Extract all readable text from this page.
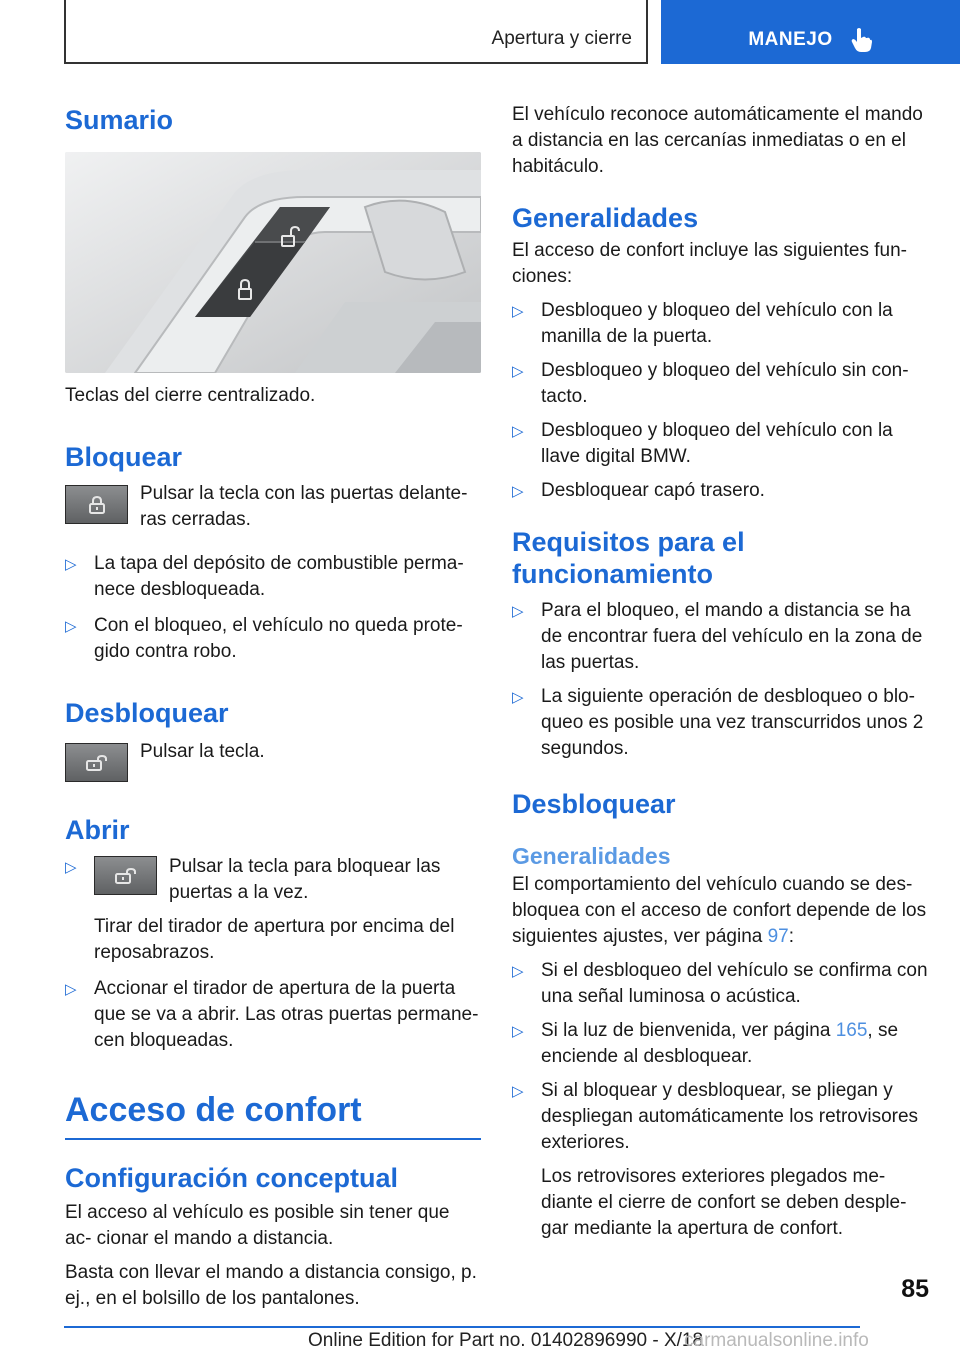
Apertura y cierre	MANEJO
Sumario

Teclas del cierre centralizado.

Bloquear

Pulsar la tecla con las puertas delante- ras cerradas.

▷ La tapa del depósito de combustible perma- nece desbloqueada.
▷ Con el bloqueo, el vehículo no queda prote- gido contra robo.
Desbloquear

Pulsar la tecla.

Abrir
▷ Pulsar la tecla para bloquear las puertas a la vez.
Tirar del tirador de apertura por encima del reposabrazos.
▷ Accionar el tirador de apertura de la puerta que se va a abrir. Las otras puertas permane- cen bloqueadas.
Acceso de confort
Configuración conceptual

El acceso al vehículo es posible sin tener que ac- cionar el mando a distancia.

Basta con llevar el mando a distancia consigo, p. ej., en el bolsillo de los pantalones.

El vehículo reconoce automáticamente el mando a distancia en las cercanías inmediatas o en el habitáculo.

Generalidades

El acceso de confort incluye las siguientes fun- ciones:

▷ Desbloqueo y bloqueo del vehículo con la manilla de la puerta.
▷ Desbloqueo y bloqueo del vehículo sin con- tacto.
▷ Desbloqueo y bloqueo del vehículo con la llave digital BMW.
▷ Desbloquear capó trasero.
Requisitos para el
funcionamiento
▷ Para el bloqueo, el mando a distancia se ha de encontrar fuera del vehículo en la zona de las puertas.
▷ La siguiente operación de desbloqueo o blo- queo es posible una vez transcurridos unos 2 segundos.
Desbloquear
Generalidades

El comportamiento del vehículo cuando se des- bloquea con el acceso de confort depende de los siguientes ajustes, ver página 97:

▷ Si el desbloqueo del vehículo se confirma con una señal luminosa o acústica.
▷ Si la luz de bienvenida, ver página 165, se enciende al desbloquear.
▷ Si al bloquear y desbloquear, se pliegan y despliegan automáticamente los retrovisores exteriores.
Los retrovisores exteriores plegados me- diante el cierre de confort se deben desple- gar mediante la apertura de confort.
85
Online Edition for Part no. 01402896990 - X/18
carmanualsonline.info
